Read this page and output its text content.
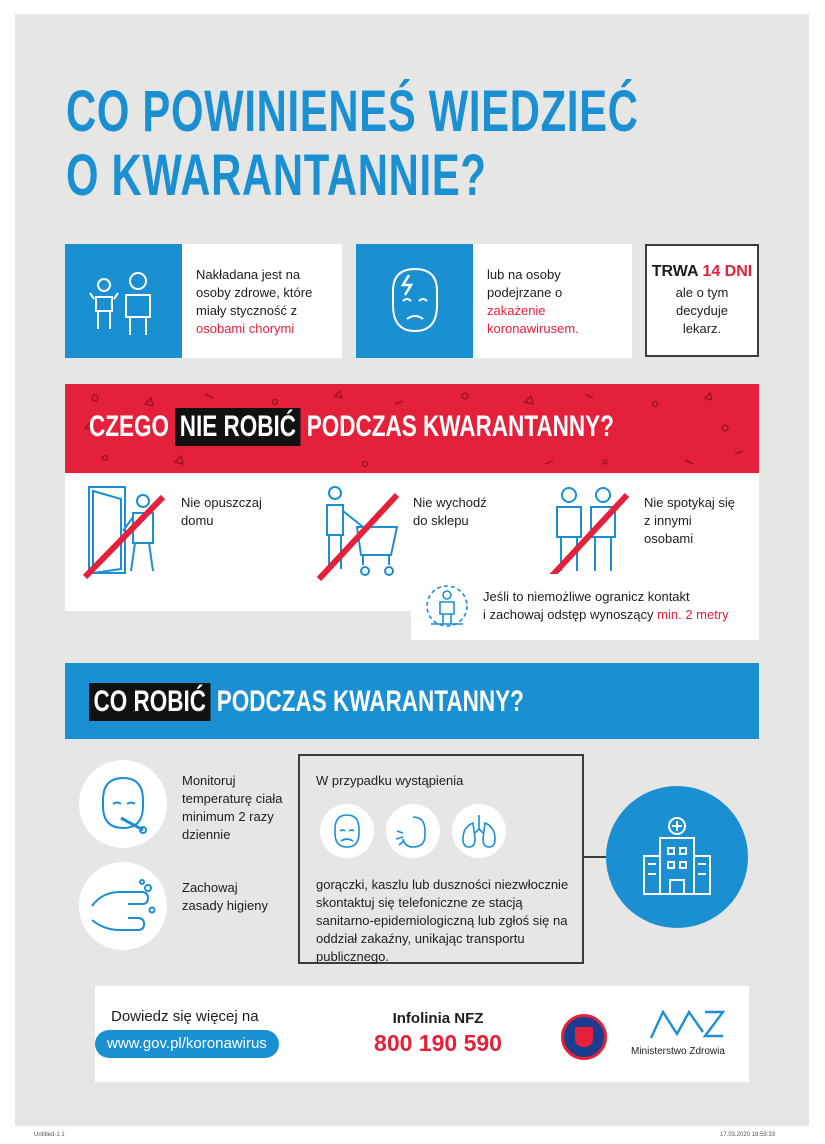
CO POWINIENEŚ WIEDZIEĆ
O KWARANTANNIE?
Nakładana jest na osoby zdrowe, które miały styczność z osobami chorymi
lub na osoby podejrzane o zakażenie koronawirusem.
TRWA 14 DNI
ale o tym decyduje lekarz.
CZEGO NIE ROBIĆ PODCZAS KWARANTANNY?
Nie opuszczaj domu
Nie wychodź do sklepu
Nie spotykaj się z innymi osobami
Jeśli to niemożliwe ogranicz kontakt
i zachowaj odstęp wynoszący min. 2 metry
CO ROBIĆ PODCZAS KWARANTANNY?
Monitoruj temperaturę ciała minimum 2 razy dziennie
Zachowaj zasady higieny
W przypadku wystąpienia
gorączki, kaszlu lub duszności niezwłocznie skontaktuj się telefoniczne ze stacją sanitarno-epidemiologiczną lub zgłoś się na oddział zakaźny, unikając transportu publicznego.
Dowiedz się więcej na
www.gov.pl/koronawirus
Infolinia NFZ
800 190 590	Ministerstwo Zdrowia
Untitled-1 1	17.03.2020 18:59:33
